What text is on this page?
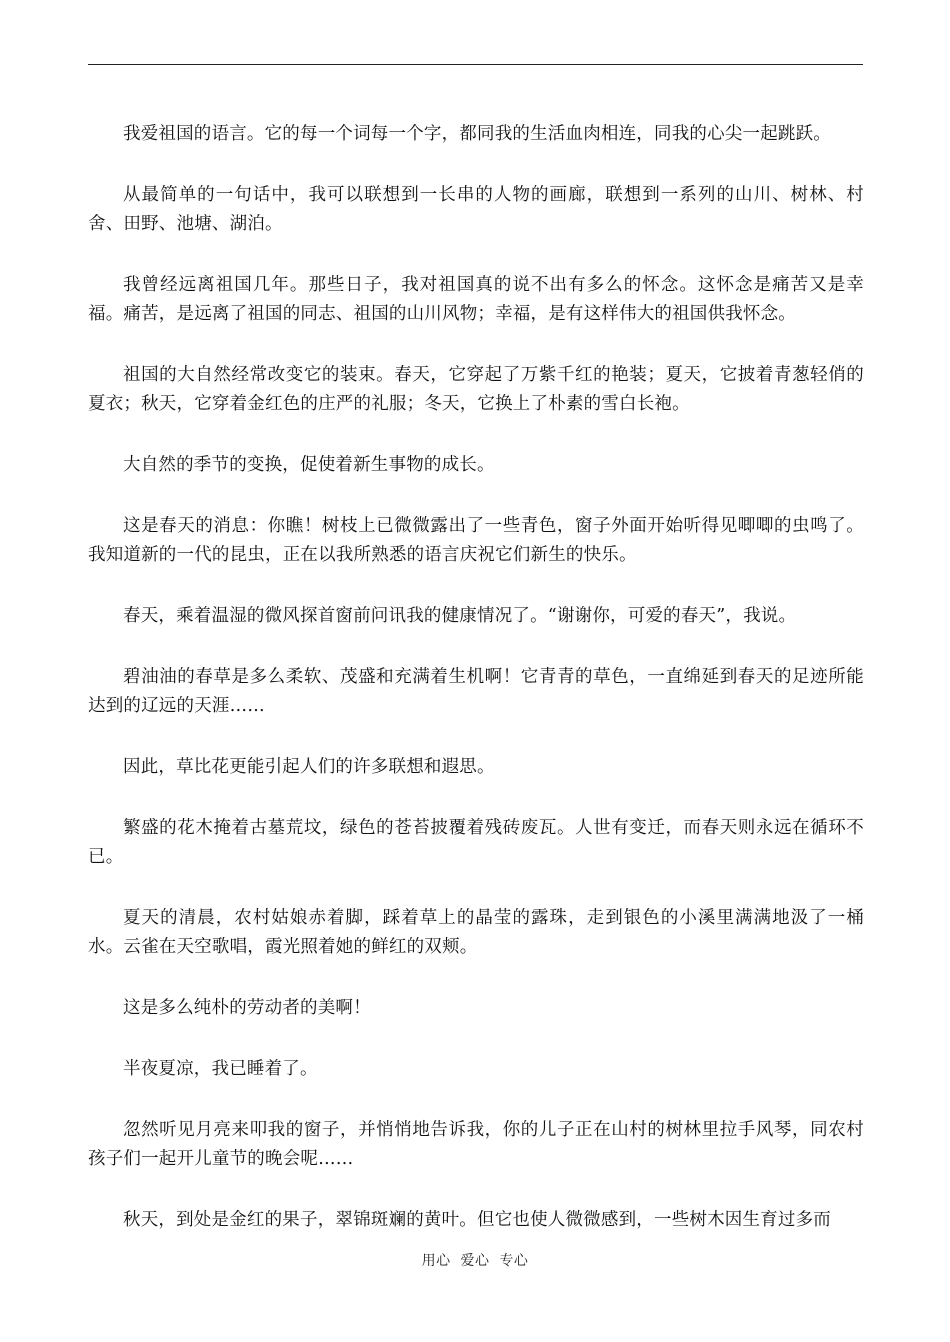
我爱祖国的语言。它的每一个词每一个字，都同我的生活血肉相连，同我的心尖一起跳跃。

从最简单的一句话中，我可以联想到一长串的人物的画廊，联想到一系列的山川、树林、村舍、田野、池塘、湖泊。

我曾经远离祖国几年。那些日子，我对祖国真的说不出有多么的怀念。这怀念是痛苦又是幸福。痛苦，是远离了祖国的同志、祖国的山川风物；幸福，是有这样伟大的祖国供我怀念。

祖国的大自然经常改变它的装束。春天，它穿起了万紫千红的艳装；夏天，它披着青葱轻俏的夏衣；秋天，它穿着金红色的庄严的礼服；冬天，它换上了朴素的雪白长袍。

大自然的季节的变换，促使着新生事物的成长。

这是春天的消息：你瞧！树枝上已微微露出了一些青色，窗子外面开始听得见唧唧的虫鸣了。我知道新的一代的昆虫，正在以我所熟悉的语言庆祝它们新生的快乐。

春天，乘着温湿的微风探首窗前问讯我的健康情况了。“谢谢你，可爱的春天”，我说。

碧油油的春草是多么柔软、茂盛和充满着生机啊！它青青的草色，一直绵延到春天的足迹所能达到的辽远的天涯……

因此，草比花更能引起人们的许多联想和遐思。

繁盛的花木掩着古墓荒坟，绿色的苍苔披覆着残砖废瓦。人世有变迁，而春天则永远在循环不已。

夏天的清晨，农村姑娘赤着脚，踩着草上的晶莹的露珠，走到银色的小溪里满满地汲了一桶水。云雀在天空歌唱，霞光照着她的鲜红的双颊。

这是多么纯朴的劳动者的美啊！

半夜夏凉，我已睡着了。

忽然听见月亮来叩我的窗子，并悄悄地告诉我，你的儿子正在山村的树林里拉手风琴，同农村孩子们一起开儿童节的晚会呢……

秋天，到处是金红的果子，翠锦斑斓的黄叶。但它也使人微微感到，一些树木因生育过多而

用心  爱心  专心
